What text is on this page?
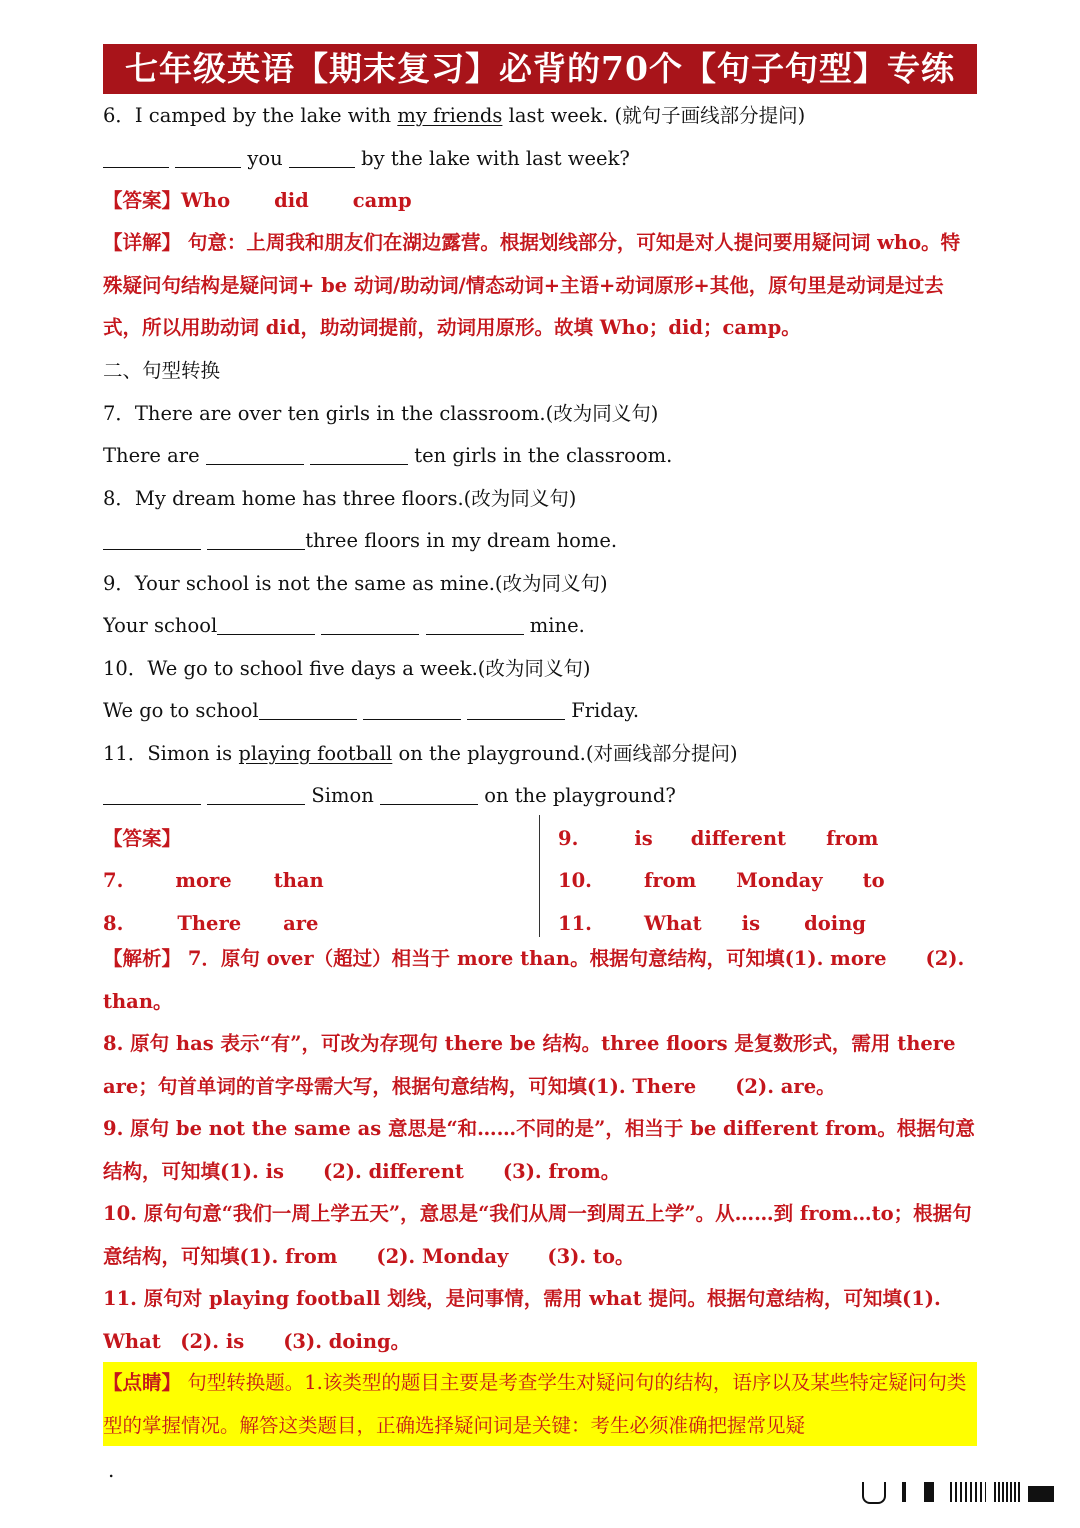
七年级英语【期末复习】必背的70个【句子句型】专练
6．I camped by the lake with my friends last week. (就句子画线部分提问)
you	by the lake with last week?
【答案】Who did camp
【详解】 句意：上周我和朋友们在湖边露营。根据划线部分，可知是对人提问要用疑问词 who。特殊疑问句结构是疑问词+ be 动词/助动词/情态动词+主语+动词原形+其他，原句里是动词是过去式，所以用助动词 did，助动词提前，动词用原形。故填 Who；did；camp。
二、句型转换
7．There are over ten girls in the classroom.(改为同义句)
There are	ten girls in the classroom.
8．My dream home has three floors.(改为同义句)
three floors in my dream home.
9．Your school is not the same as mine.(改为同义句)
Your school	mine.
10．We go to school five days a week.(改为同义句)
We go to school	Friday.
11．Simon is playing football on the playground.(对画线部分提问)
Simon	on the playground?
【答案】
7.	more than
8.	There are
9.	is different from
10.	from Monday to
11.	What is doing
【解析】 7．原句 over（超过）相当于 more than。根据句意结构，可知填(1). more　　(2). than。
8. 原句 has 表示“有”，可改为存现句 there be 结构。three floors 是复数形式，需用 there are；句首单词的首字母需大写，根据句意结构，可知填(1). There　　(2). are。
9. 原句 be not the same as 意思是“和……不同的是”，相当于 be different from。根据句意结构，可知填(1). is　　(2). different　　(3). from。
10. 原句句意“我们一周上学五天”，意思是“我们从周一到周五上学”。从……到 from…to；根据句意结构，可知填(1). from　　(2). Monday　　(3). to。
11. 原句对 playing football 划线，是问事情，需用 what 提问。根据句意结构，可知填(1). What　(2). is　　(3). doing。
【点睛】 句型转换题。1.该类型的题目主要是考查学生对疑问句的结构，语序以及某些特定疑问句类型的掌握情况。解答这类题目，正确选择疑问词是关键：考生必须准确把握常见疑
.
